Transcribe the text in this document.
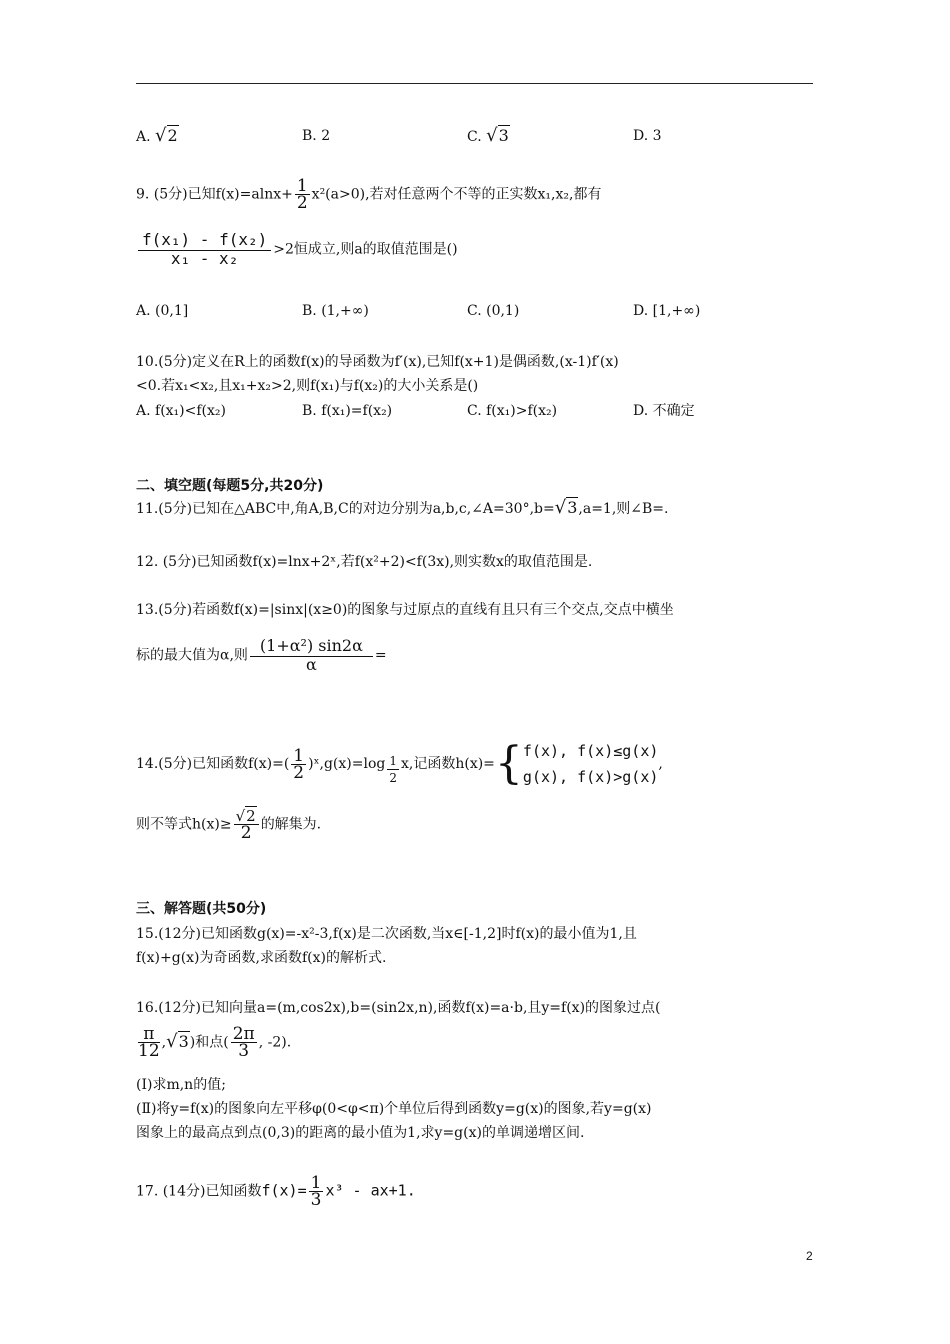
A. √2	B. 2	C. √3	D. 3
9. (5分)已知$f(x)=alnx+ \frac{1}{2} x^2(a>0)$,若对任意两个不等的正实数x₁,x₂,都有
$\frac{\text{f(x₁) - f(x₂)}}{\text{x₁ - x₂}} >2$恒成立,则a的取值范围是()
A. (0,1]	B. (1,+∞)	C. (0,1)	D. [1,+∞)
10.(5分)定义在R上的函数f(x)的导函数为f′(x),已知f(x+1)是偶函数,(x-1)f′(x)
<0.若x₁<x₂,且x₁+x₂>2,则f(x₁)与f(x₂)的大小关系是()
A. f(x₁)<f(x₂)	B. f(x₁)=f(x₂)	C. f(x₁)>f(x₂)	D. 不确定
二、填空题(每题5分,共20分)
11.(5分)已知在△ABC中,角A,B,C的对边分别为a,b,c,∠A=30°,b=√3,a=1,则∠B=.
12. (5分)已知函数f(x)=lnx+2ˣ,若f(x²+2)<f(3x),则实数x的取值范围是.
13.(5分)若函数f(x)=|sinx|(x≥0)的图象与过原点的直线有且只有三个交点,交点中横坐
标的最大值为α,则 $\frac{\text{(1+α²) sin2α}}{\alpha}$ =
14.(5分)已知函数$f(x)=( \frac{1}{2}$ )ˣ,g(x)=log $\frac{1}{2} x$,记函数h(x)={ f(x), f(x)≤g(x)
g(x), f(x)>g(x)
,
则不等式$h(x)\ge \frac{√2}{2}$ 的解集为.
三、解答题(共50分)
15.(12分)已知函数g(x)=-x²-3,f(x)是二次函数,当x∈[-1,2]时f(x)的最小值为1,且
f(x)+g(x)为奇函数,求函数f(x)的解析式.
16.(12分)已知向量a=(m,cos2x),b=(sin2x,n),函数f(x)=a·b,且y=f(x)的图象过点(
$\frac{\pi}{12} ,√3$)和点( $\frac{2\pi}{3}$ , -2).
(Ⅰ)求m,n的值;
(Ⅱ)将y=f(x)的图象向左平移φ(0<φ<π)个单位后得到函数y=g(x)的图象,若y=g(x)
图象上的最高点到点(0,3)的距离的最小值为1,求y=g(x)的单调递增区间.
17. (14分)已知函数$f(x)= \frac{1}{3} x^3 - ax+1$.
2
